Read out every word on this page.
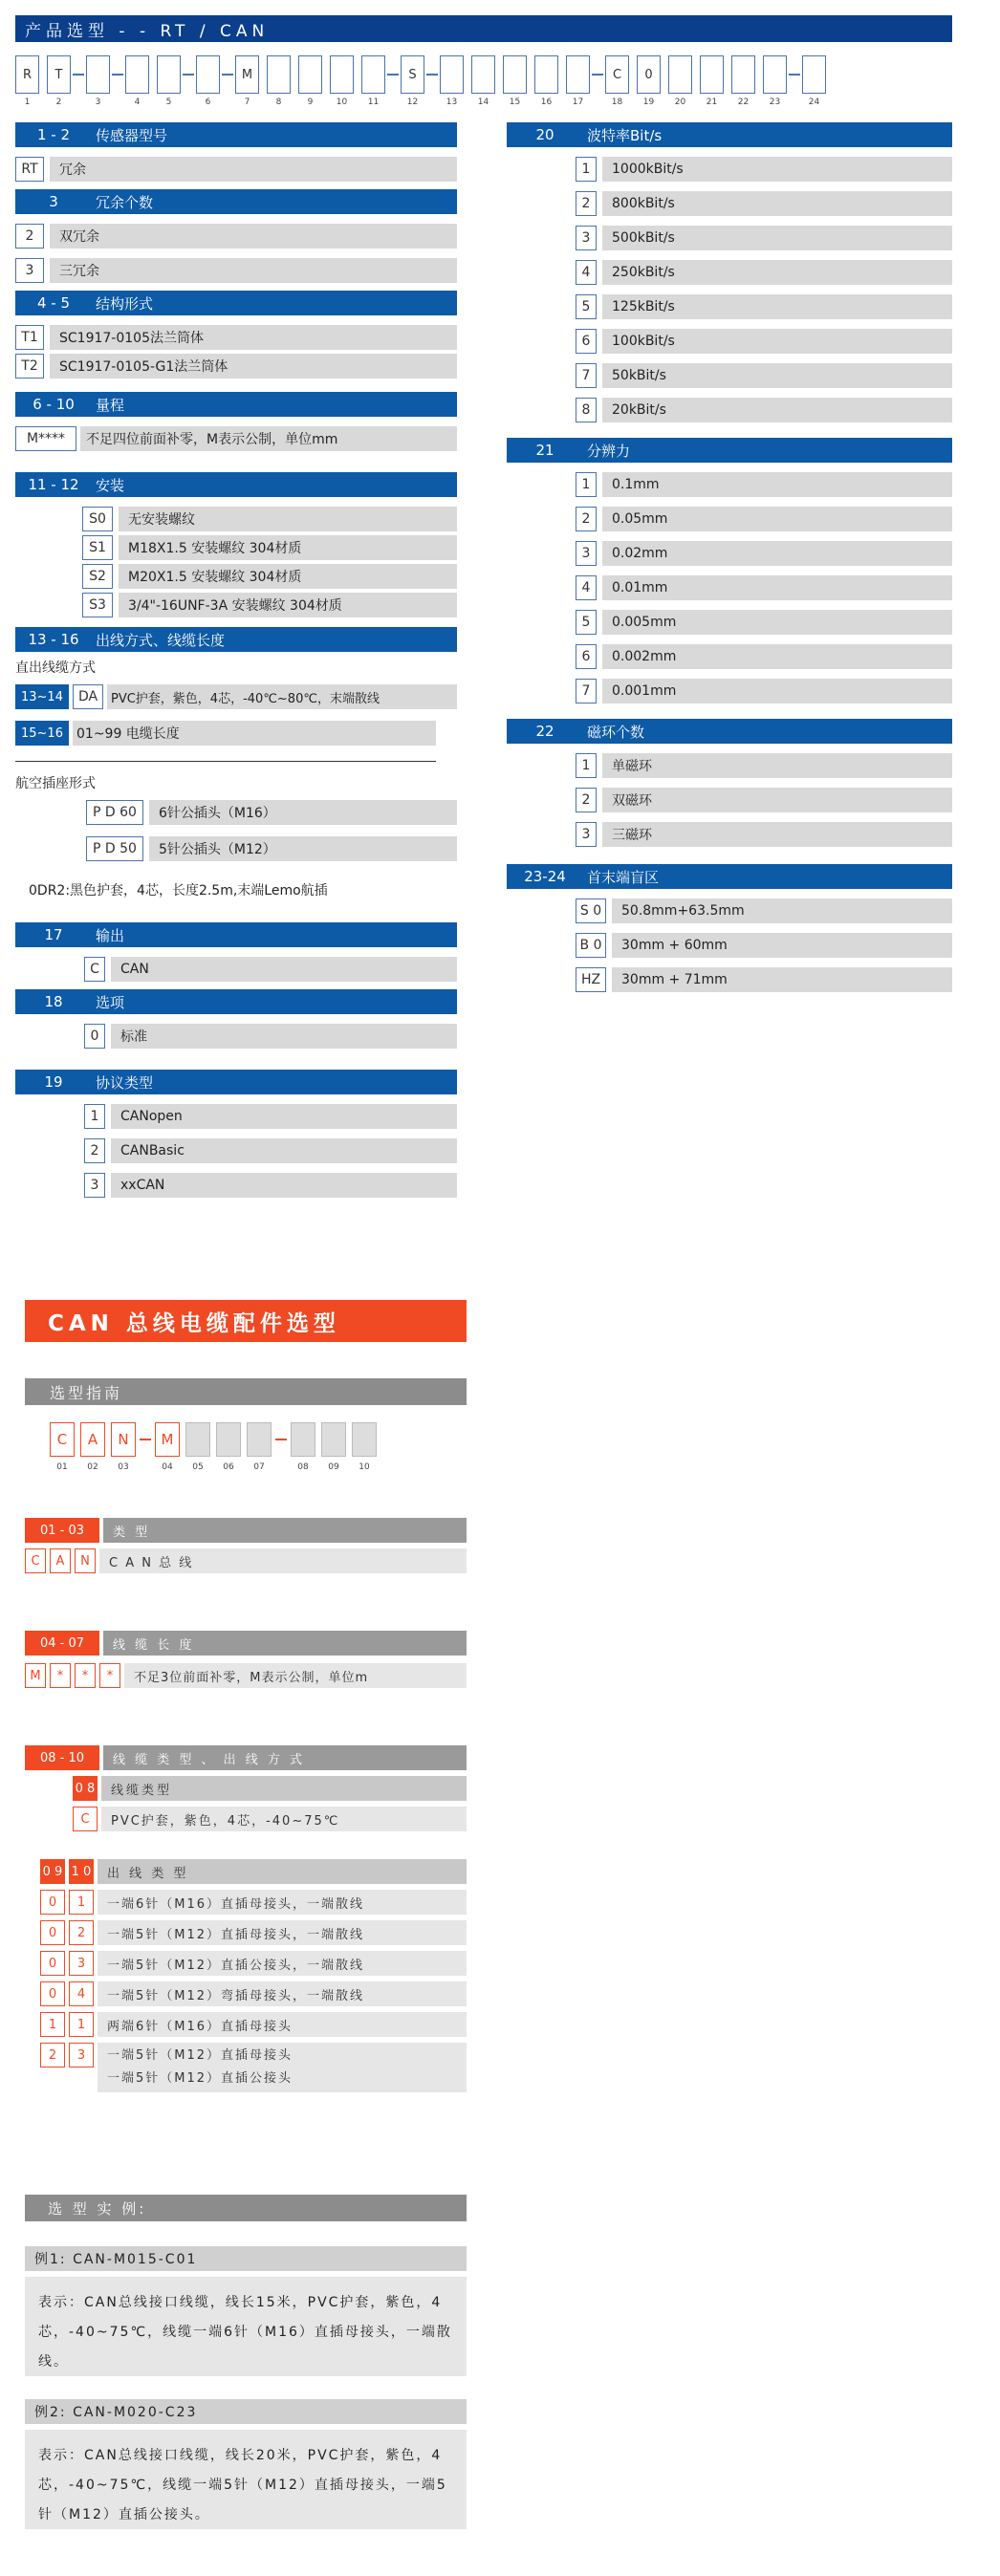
产品选型 - - RT / CAN
R
1
T
2	3	4	5	6
M
7	8	9	10	11
S
12	13	14	15	16	17
C
18
0
19	20	21	22	23	24
1 - 2	传感器型号
RT	冗余
3	冗余个数
2	双冗余
3	三冗余
4 - 5	结构形式
T1	SC1917-0105法兰筒体
T2	SC1917-0105-G1法兰筒体
6 - 10	量程
M****	不足四位前面补零，M表示公制，单位mm
11 - 12	安装
S0	无安装螺纹
S1	M18X1.5 安装螺纹 304材质
S2	M20X1.5 安装螺纹 304材质
S3	3/4"-16UNF-3A 安装螺纹 304材质
13 - 16	出线方式、线缆长度
直出线缆方式
13~14	DA	PVC护套，紫色，4芯，-40℃~80℃，末端散线
15~16	01~99 电缆长度
航空插座形式
P D 60	6针公插头（M16）
P D 50	5针公插头（M12）
0DR2:黑色护套，4芯，长度2.5m,末端Lemo航插
17	输出
C	CAN
18	选项
0	标准
19	协议类型
1	CANopen
2	CANBasic
3	xxCAN
20	波特率Bit/s
1	1000kBit/s
2	800kBit/s
3	500kBit/s
4	250kBit/s
5	125kBit/s
6	100kBit/s
7	50kBit/s
8	20kBit/s
21	分辨力
1	0.1mm
2	0.05mm
3	0.02mm
4	0.01mm
5	0.005mm
6	0.002mm
7	0.001mm
22	磁环个数
1	单磁环
2	双磁环
3	三磁环
23-24	首末端盲区
S 0	50.8mm+63.5mm
B 0	30mm + 60mm
HZ	30mm + 71mm
CAN 总线电缆配件选型
选型指南
C
01
A
02
N
03
M
04	05	06	07	08	09	10
01 - 03	类 型
C	A	N	C A N 总 线
04 - 07	线 缆 长 度
M	*	*	*	不足3位前面补零，M表示公制，单位m
08 - 10	线 缆 类 型 、 出 线 方 式
0 8	线缆类型
C	PVC护套，紫色，4芯，-40~75℃
0 9 1 0	出 线 类 型
0	1	一端6针（M16）直插母接头，一端散线
0	2	一端5针（M12）直插母接头，一端散线
0	3	一端5针（M12）直插公接头，一端散线
0	4	一端5针（M12）弯插母接头，一端散线
1	1	两端6针（M16）直插母接头
2	3	一端5针（M12）直插母接头
一端5针（M12）直插公接头
选 型 实 例:
例1: CAN-M015-C01
表示：CAN总线接口线缆，线长15米，PVC护套，紫色，4芯，-40~75℃，线缆一端6针（M16）直插母接头，一端散线。
例2: CAN-M020-C23
表示：CAN总线接口线缆，线长20米，PVC护套，紫色，4芯，-40~75℃，线缆一端5针（M12）直插母接头，一端5针（M12）直插公接头。
